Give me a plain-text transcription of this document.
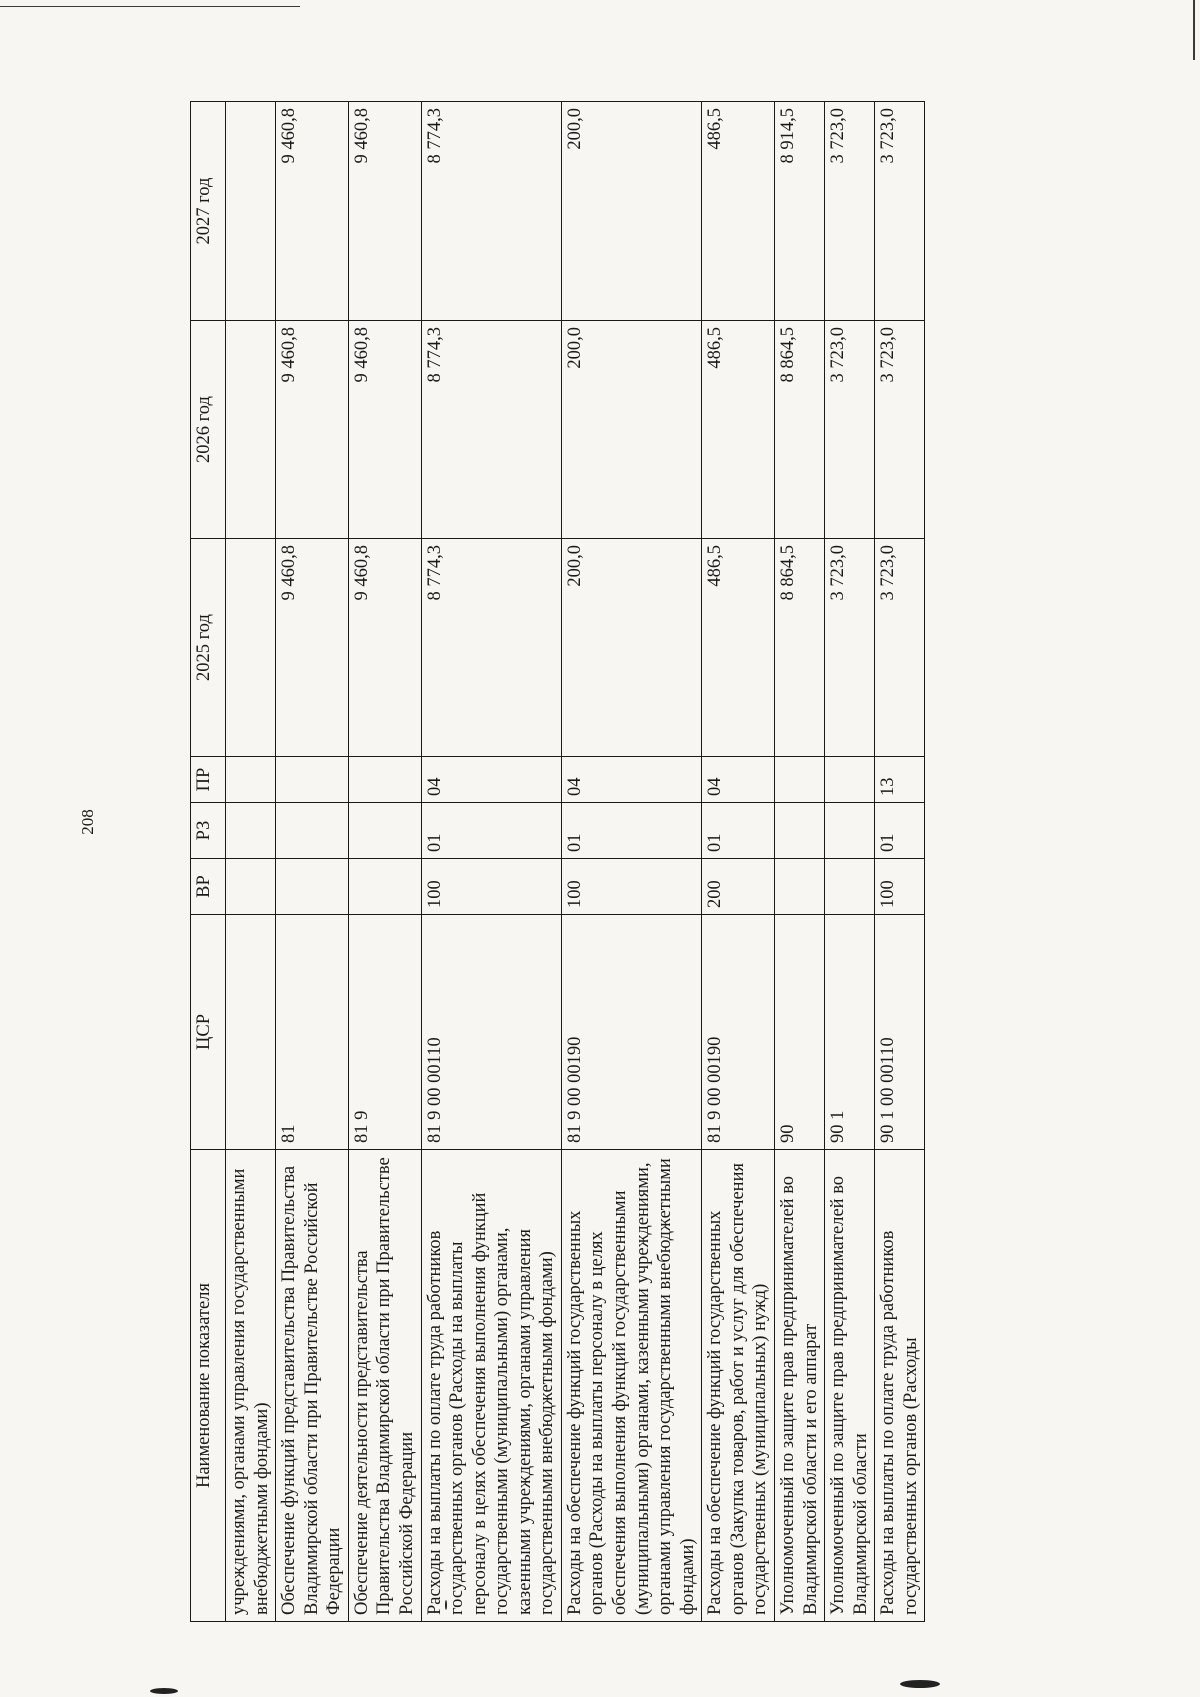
208
Наименование показателя	ЦСР	ВР	РЗ	ПР	2025 год	2026 год	2027 год
учреждениями, органами управления государственными внебюджетными фондами)							
Обеспечение функций представительства Правительства Владимирской области при Правительстве Российской Федерации	81				9 460,8	9 460,8	9 460,8
Обеспечение деятельности представительства Правительства Владимирской области при Правительстве Российской Федерации	81 9				9 460,8	9 460,8	9 460,8
Расходы на выплаты по оплате труда работников государственных органов (Расходы на выплаты персоналу в целях обеспечения выполнения функций государственными (муниципальными) органами, казенными учреждениями, органами управления государственными внебюджетными фондами)	81 9 00 00110	100	01	04	8 774,3	8 774,3	8 774,3
Расходы на обеспечение функций государственных органов (Расходы на выплаты персоналу в целях обеспечения выполнения функций государственными (муниципальными) органами, казенными учреждениями, органами управления государственными внебюджетными фондами)	81 9 00 00190	100	01	04	200,0	200,0	200,0
Расходы на обеспечение функций государственных органов (Закупка товаров, работ и услуг для обеспечения государственных (муниципальных) нужд)	81 9 00 00190	200	01	04	486,5	486,5	486,5
Уполномоченный по защите прав предпринимателей во Владимирской области и его аппарат	90				8 864,5	8 864,5	8 914,5
Уполномоченный по защите прав предпринимателей во Владимирской области	90 1				3 723,0	3 723,0	3 723,0
Расходы на выплаты по оплате труда работников государственных органов (Расходы	90 1 00 00110	100	01	13	3 723,0	3 723,0	3 723,0
